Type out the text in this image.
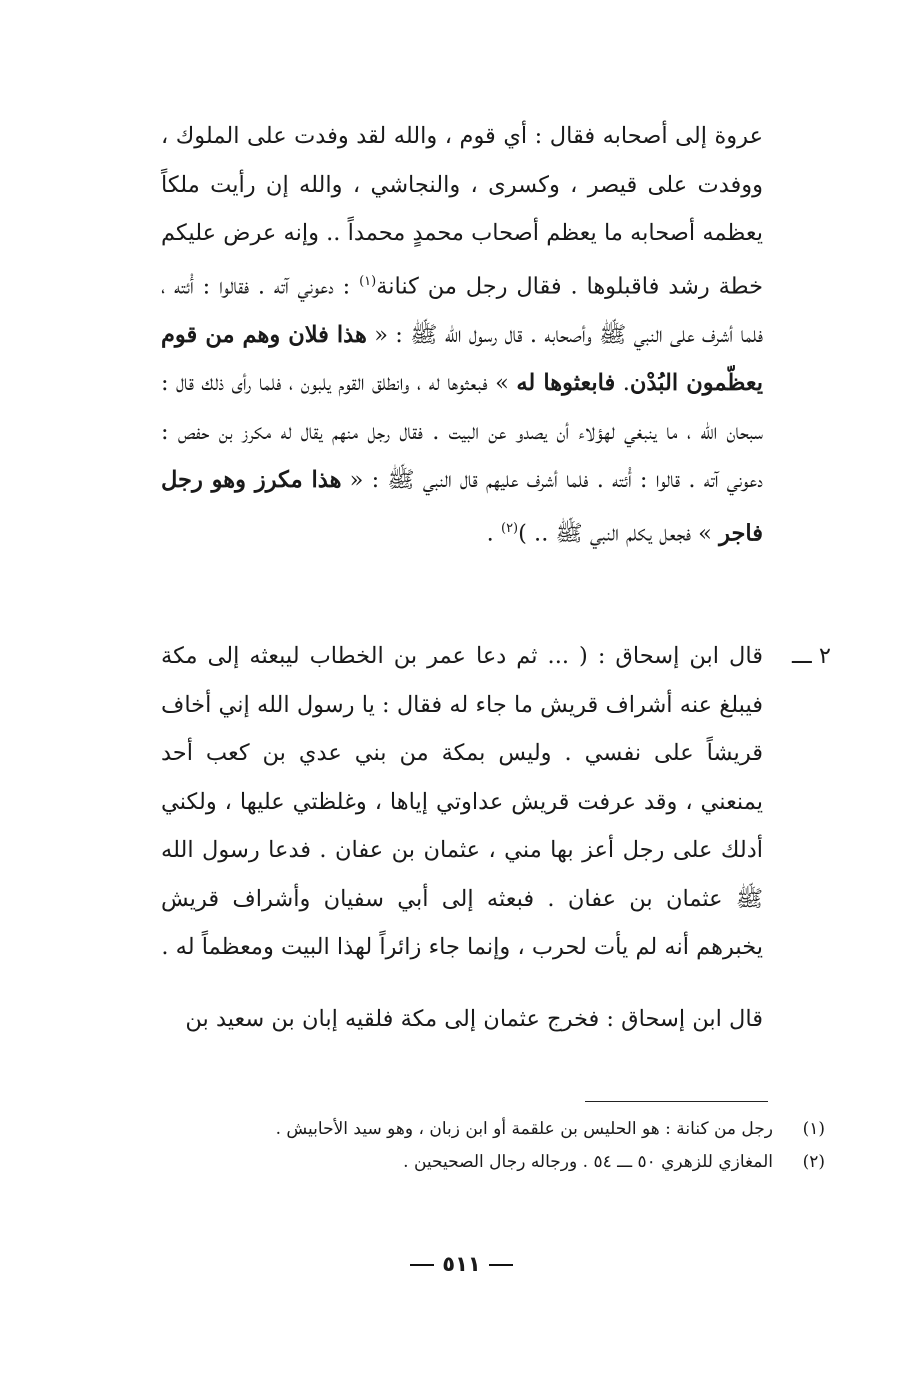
عروة إلى أصحابه فقال : أي قوم ، والله لقد وفدت على الملوك ، ووفدت على قيصر ، وكسرى ، والنجاشي ، والله إن رأيت ملكاً يعظمه أصحابه ما يعظم أصحاب محمدٍ محمداً .. وإنه عرض عليكم خطة رشد فاقبلوها . فقال رجل من كنانة$^{(١)}$ : دعوني آته . فقالوا : أْئته ، فلما أشرف على النبي ﷺ وأصحابه . قال رسول الله ﷺ : « هذا فلان وهم من قوم يعظّمون البُدْن. فابعثوها له » فبعثوها له ، وانطلق القوم يلبون ، فلما رأى ذلك قال : سبحان الله ، ما ينبغي لهؤلاء أن يصدو عن البيت . فقال رجل منهم يقال له مكرز بن حفص : دعوني آته . قالوا : أْئته . فلما أشرف عليهم قال النبي ﷺ : « هذا مكرز وهو رجل فاجر » فجعل يكلم النبي ﷺ .. )$^{(٢)}$ .

٢ ـــ

قال ابن إسحاق : ( ... ثم دعا عمر بن الخطاب ليبعثه إلى مكة فيبلغ عنه أشراف قريش ما جاء له فقال : يا رسول الله إني أخاف قريشاً على نفسي . وليس بمكة من بني عدي بن كعب أحد يمنعني ، وقد عرفت قريش عداوتي إياها ، وغلظتي عليها ، ولكني أدلك على رجل أعز بها مني ، عثمان بن عفان . فدعا رسول الله ﷺ عثمان بن عفان . فبعثه إلى أبي سفيان وأشراف قريش يخبرهم أنه لم يأت لحرب ، وإنما جاء زائراً لهذا البيت ومعظماً له .

قال ابن إسحاق : فخرج عثمان إلى مكة فلقيه إبان بن سعيد بن
(١)
رجل من كنانة : هو الحليس بن علقمة أو ابن زبان ، وهو سيد الأحابيش .
(٢)
المغازي للزهري ٥٠ ـــ ٥٤ . ورجاله رجال الصحيحين .
٥١١
